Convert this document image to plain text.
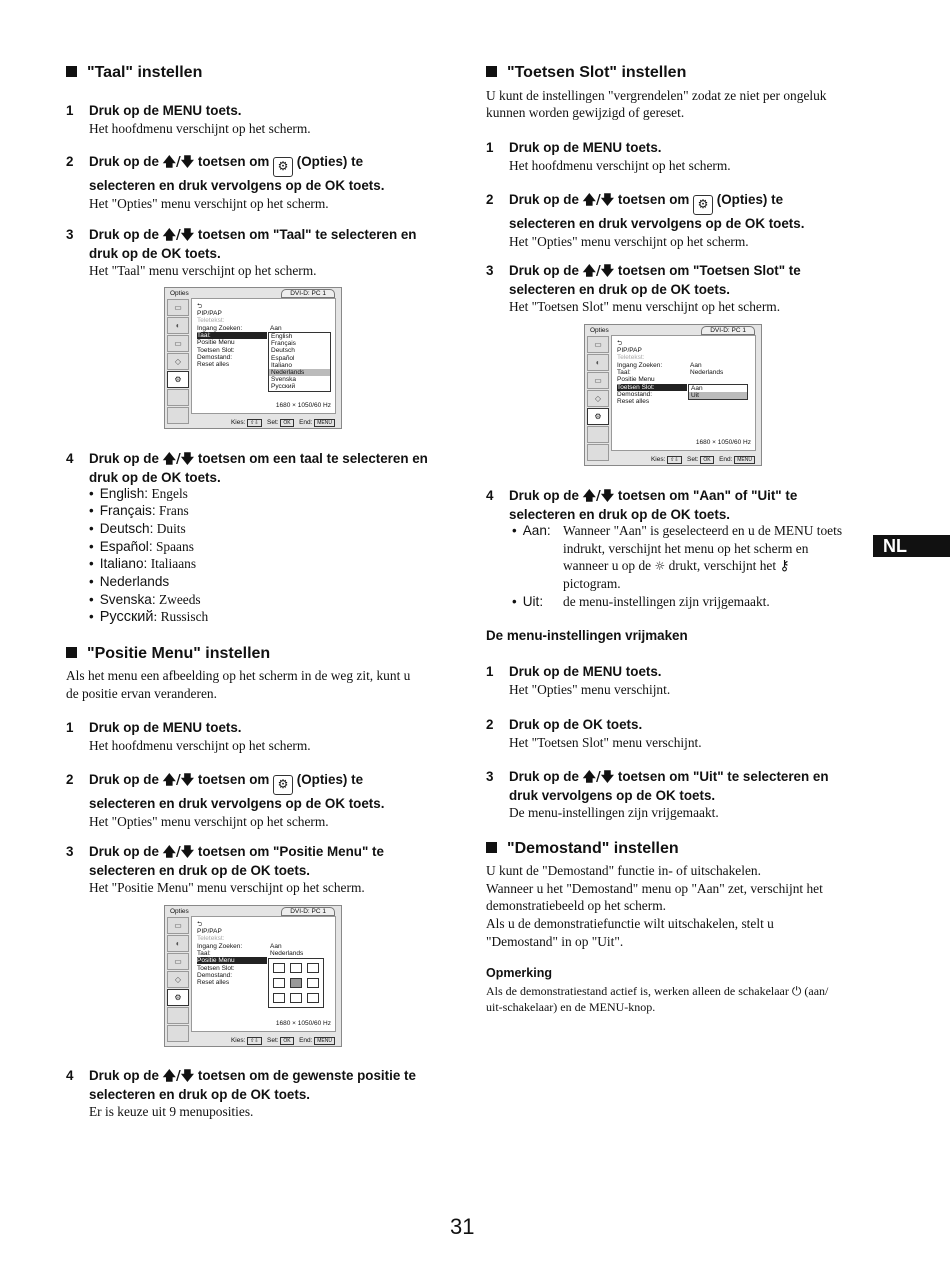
"Taal" instellen
1 Druk op de MENU toets.
Het hoofdmenu verschijnt op het scherm.
2 Druk op de 🡅/🡇 toetsen om ⚙ (Opties) te
selecteren en druk vervolgens op de OK toets.
Het "Opties" menu verschijnt op het scherm.
3 Druk op de 🡅/🡇 toetsen om "Taal" te selecteren en
druk op de OK toets.
Het "Taal" menu verschijnt op het scherm.
Opties	DVI-D: PC 1
▭
◐
▭
◇
⚙
⮌
PIP/PAP
Teletekst:
Ingang Zoeken:	Aan
Taal:
Positie Menu
Toetsen Slot:
Demostand:
Reset alles
English
Français
Deutsch
Español
Italiano
Nederlands
Svenska
Русский
1680 × 1050/60 Hz
Kies: ⇧⇩ Set: OK End: MENU
4 Druk op de 🡅/🡇 toetsen om een taal te selecteren en
druk op de OK toets.
• English: Engels
• Français: Frans
• Deutsch: Duits
• Español: Spaans
• Italiano: Italiaans
• Nederlands
• Svenska: Zweeds
• Русский: Russisch
"Positie Menu" instellen
Als het menu een afbeelding op het scherm in de weg zit, kunt u
de positie ervan veranderen.
1 Druk op de MENU toets.
Het hoofdmenu verschijnt op het scherm.
2 Druk op de 🡅/🡇 toetsen om ⚙ (Opties) te
selecteren en druk vervolgens op de OK toets.
Het "Opties" menu verschijnt op het scherm.
3 Druk op de 🡅/🡇 toetsen om "Positie Menu" te
selecteren en druk op de OK toets.
Het "Positie Menu" menu verschijnt op het scherm.
Opties	DVI-D: PC 1
▭
◐
▭
◇
⚙
⮌
PIP/PAP
Teletekst:
Ingang Zoeken:	Aan
Taal:	Nederlands
Positie Menu
Toetsen Slot:
Demostand:
Reset alles
1680 × 1050/60 Hz
Kies: ⇧⇩ Set: OK End: MENU
4 Druk op de 🡅/🡇 toetsen om de gewenste positie te
selecteren en druk op de OK toets.
Er is keuze uit 9 menuposities.
"Toetsen Slot" instellen
U kunt de instellingen "vergrendelen" zodat ze niet per ongeluk
kunnen worden gewijzigd of gereset.
1 Druk op de MENU toets.
Het hoofdmenu verschijnt op het scherm.
2 Druk op de 🡅/🡇 toetsen om ⚙ (Opties) te
selecteren en druk vervolgens op de OK toets.
Het "Opties" menu verschijnt op het scherm.
3 Druk op de 🡅/🡇 toetsen om "Toetsen Slot" te
selecteren en druk op de OK toets.
Het "Toetsen Slot" menu verschijnt op het scherm.
Opties	DVI-D: PC 1
▭
◐
▭
◇
⚙
⮌
PIP/PAP
Teletekst:
Ingang Zoeken:	Aan
Taal:	Nederlands
Positie Menu
Toetsen Slot:
Demostand:
Reset alles
Aan
Uit
1680 × 1050/60 Hz
Kies: ⇧⇩ Set: OK End: MENU
4 Druk op de 🡅/🡇 toetsen om "Aan" of "Uit" te
selecteren en druk op de OK toets.
• Aan: Wanneer "Aan" is geselecteerd en u de MENU toets
indrukt, verschijnt het menu op het scherm en
wanneer u op de ☼ drukt, verschijnt het ⚷
pictogram.
• Uit: de menu-instellingen zijn vrijgemaakt.
De menu-instellingen vrijmaken
1 Druk op de MENU toets.
Het "Opties" menu verschijnt.
2 Druk op de OK toets.
Het "Toetsen Slot" menu verschijnt.
3 Druk op de 🡅/🡇 toetsen om "Uit" te selecteren en
druk vervolgens op de OK toets.
De menu-instellingen zijn vrijgemaakt.
"Demostand" instellen
U kunt de "Demostand" functie in- of uitschakelen.
Wanneer u het "Demostand" menu op "Aan" zet, verschijnt het
demonstratiebeeld op het scherm.
Als u de demonstratiefunctie wilt uitschakelen, stelt u
"Demostand" in op "Uit".
Opmerking
Als de demonstratiestand actief is, werken alleen de schakelaar ⏻ (aan/
uit-schakelaar) en de MENU-knop.
NL
31
